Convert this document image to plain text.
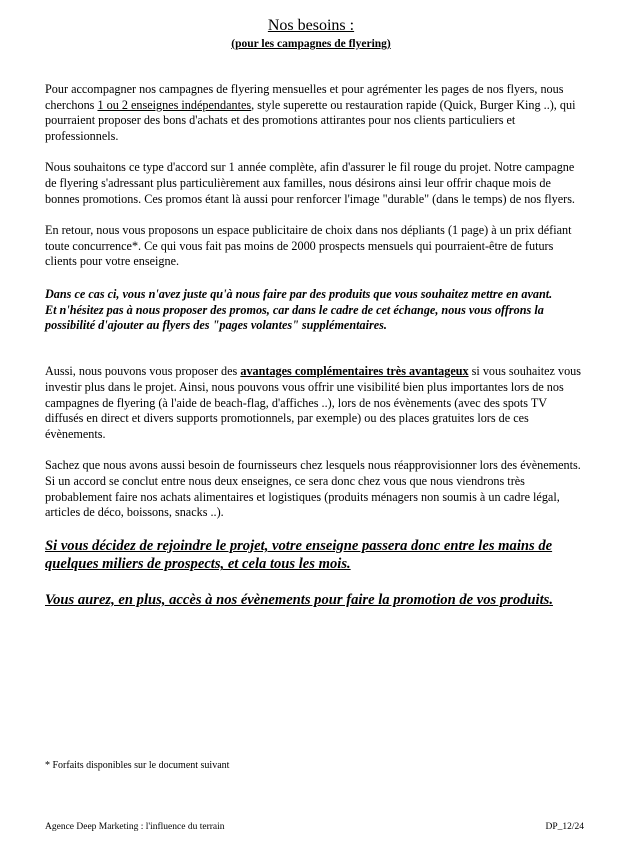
Nos besoins :
(pour les campagnes de flyering)

Pour accompagner nos campagnes de flyering mensuelles et pour agrémenter les pages de nos flyers, nous cherchons 1 ou 2 enseignes indépendantes, style superette ou restauration rapide (Quick, Burger King ..), qui pourraient proposer des bons d'achats et des promotions attirantes pour nos clients particuliers et professionnels.

Nous souhaitons ce type d'accord sur 1 année complète, afin d'assurer le fil rouge du projet. Notre campagne de flyering s'adressant plus particulièrement aux familles, nous désirons ainsi leur offrir chaque mois de bonnes promotions. Ces promos étant là aussi pour renforcer l'image "durable" (dans le temps) de nos flyers.

En retour, nous vous proposons un espace publicitaire de choix dans nos dépliants (1 page) à un prix défiant toute concurrence*. Ce qui vous fait pas moins de 2000 prospects mensuels qui pourraient-être de futurs clients pour votre enseigne.

Dans ce cas ci, vous n'avez juste qu'à nous faire par des produits que vous souhaitez mettre en avant.
Et n'hésitez pas à nous proposer des promos, car dans le cadre de cet échange, nous vous offrons la possibilité d'ajouter au flyers des "pages volantes" supplémentaires.

Aussi, nous pouvons vous proposer des avantages complémentaires très avantageux si vous souhaitez vous investir plus dans le projet. Ainsi, nous pouvons vous offrir une visibilité bien plus importantes lors de nos campagnes de flyering (à l'aide de beach-flag, d'affiches ..), lors de nos évènements (avec des spots TV diffusés en direct et divers supports promotionnels, par exemple) ou des places gratuites lors de ces évènements.

Sachez que nous avons aussi besoin de fournisseurs chez lesquels nous réapprovisionner lors des évènements. Si un accord se conclut entre nous deux enseignes, ce sera donc chez vous que nous viendrons très probablement faire nos achats alimentaires et logistiques (produits ménagers non soumis à un cadre légal, articles de déco, boissons, snacks ..).

Si vous décidez de rejoindre le projet, votre enseigne passera donc entre les mains de quelques miliers de prospects, et cela tous les mois.

Vous aurez, en plus, accès à nos évènements pour faire la promotion de vos produits.

* Forfaits disponibles sur le document suivant
Agence Deep Marketing : l'influence du terrain	DP_12/24
